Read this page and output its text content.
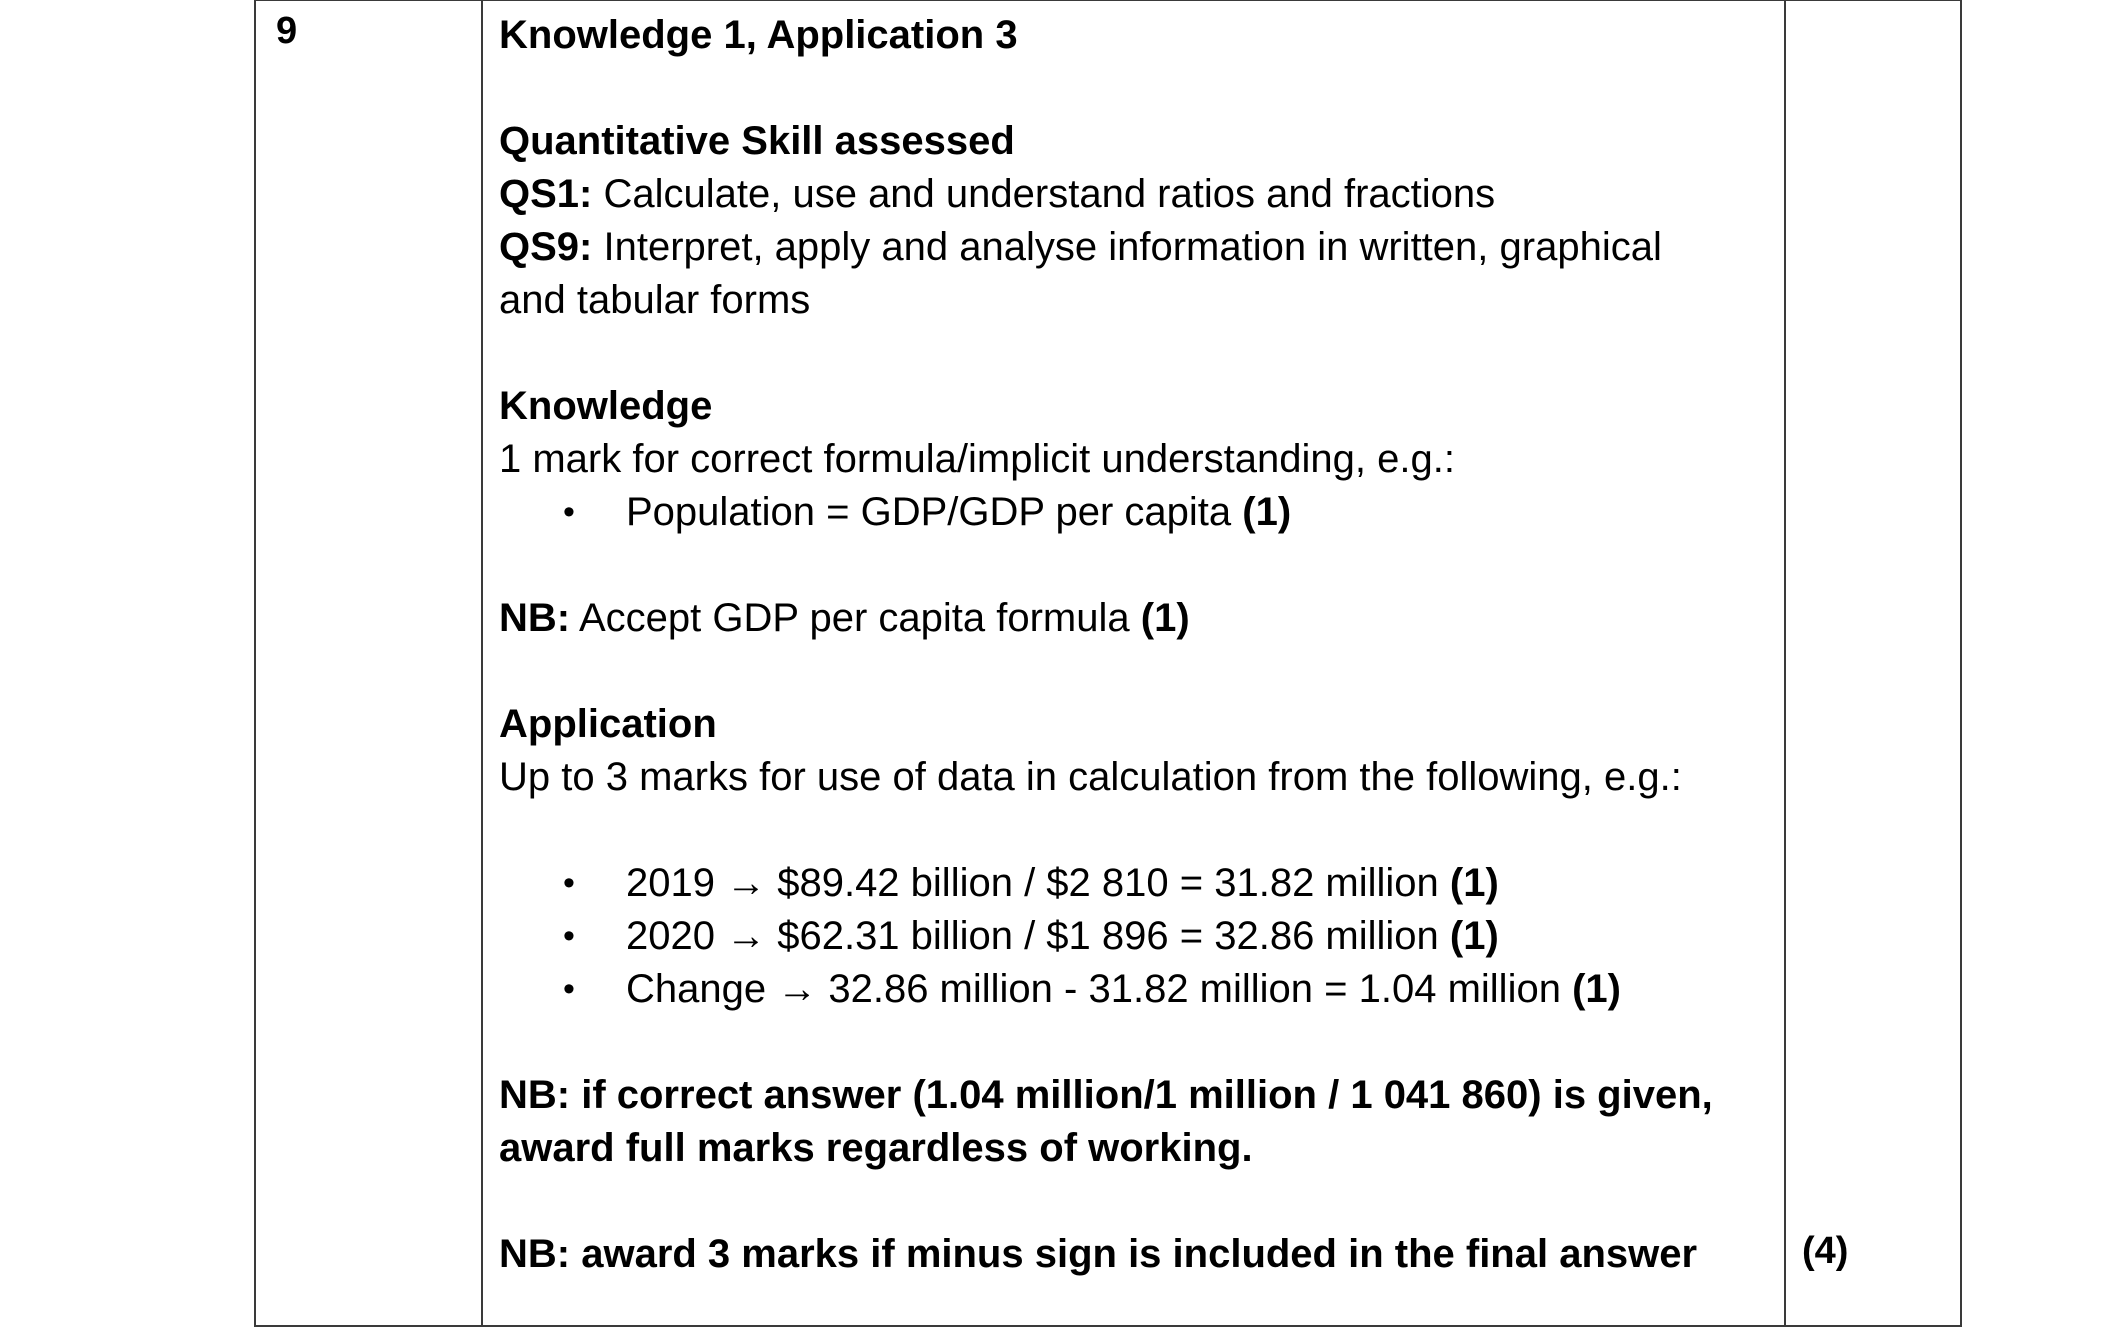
9	Knowledge 1, Application 3
Quantitative Skill assessed
QS1: Calculate, use and understand ratios and fractions
QS9: Interpret, apply and analyse information in written, graphical
and tabular forms
Knowledge
1 mark for correct formula/implicit understanding, e.g.:
• Population = GDP/GDP per capita (1)
NB: Accept GDP per capita formula (1)
Application
Up to 3 marks for use of data in calculation from the following, e.g.:
• 2019 → $89.42 billion / $2 810 = 31.82 million (1)
• 2020 → $62.31 billion / $1 896 = 32.86 million (1)
• Change → 32.86 million - 31.82 million = 1.04 million (1)
NB: if correct answer (1.04 million/1 million / 1 041 860) is given,
award full marks regardless of working.
NB: award 3 marks if minus sign is included in the final answer	(4)
